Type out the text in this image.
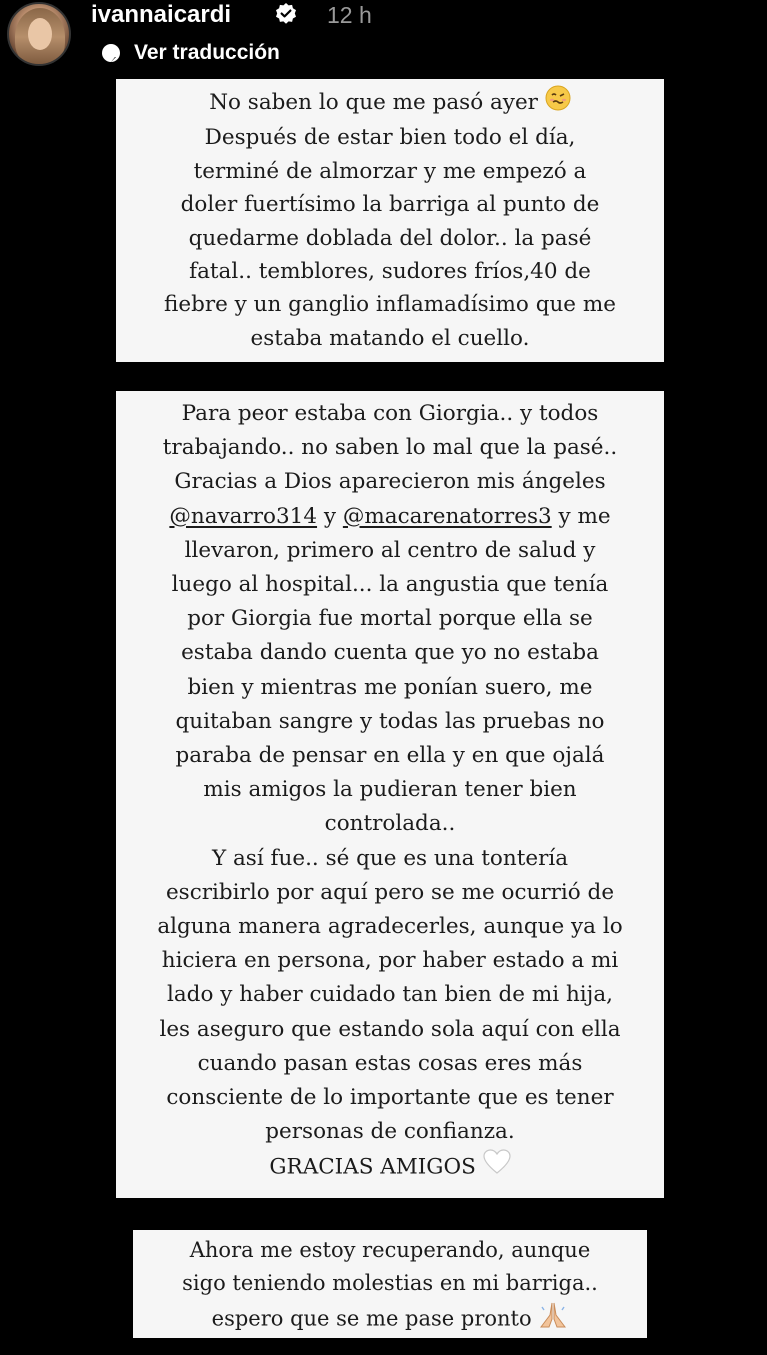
ivannaicardi	12 h
Ver traducción

No saben lo que me pasó ayer

Después de estar bien todo el día,

terminé de almorzar y me empezó a

doler fuertísimo la barriga al punto de

quedarme doblada del dolor.. la pasé

fatal.. temblores, sudores fríos,40 de

fiebre y un ganglio inflamadísimo que me

estaba matando el cuello.

Para peor estaba con Giorgia.. y todos

trabajando.. no saben lo mal que la pasé..

Gracias a Dios aparecieron mis ángeles

@navarro314 y @macarenatorres3 y me

llevaron, primero al centro de salud y

luego al hospital... la angustia que tenía

por Giorgia fue mortal porque ella se

estaba dando cuenta que yo no estaba

bien y mientras me ponían suero, me

quitaban sangre y todas las pruebas no

paraba de pensar en ella y en que ojalá

mis amigos la pudieran tener bien

controlada..

Y así fue.. sé que es una tontería

escribirlo por aquí pero se me ocurrió de

alguna manera agradecerles, aunque ya lo

hiciera en persona, por haber estado a mi

lado y haber cuidado tan bien de mi hija,

les aseguro que estando sola aquí con ella

cuando pasan estas cosas eres más

consciente de lo importante que es tener

personas de confianza.

GRACIAS AMIGOS

Ahora me estoy recuperando, aunque

sigo teniendo molestias en mi barriga..

espero que se me pase pronto
